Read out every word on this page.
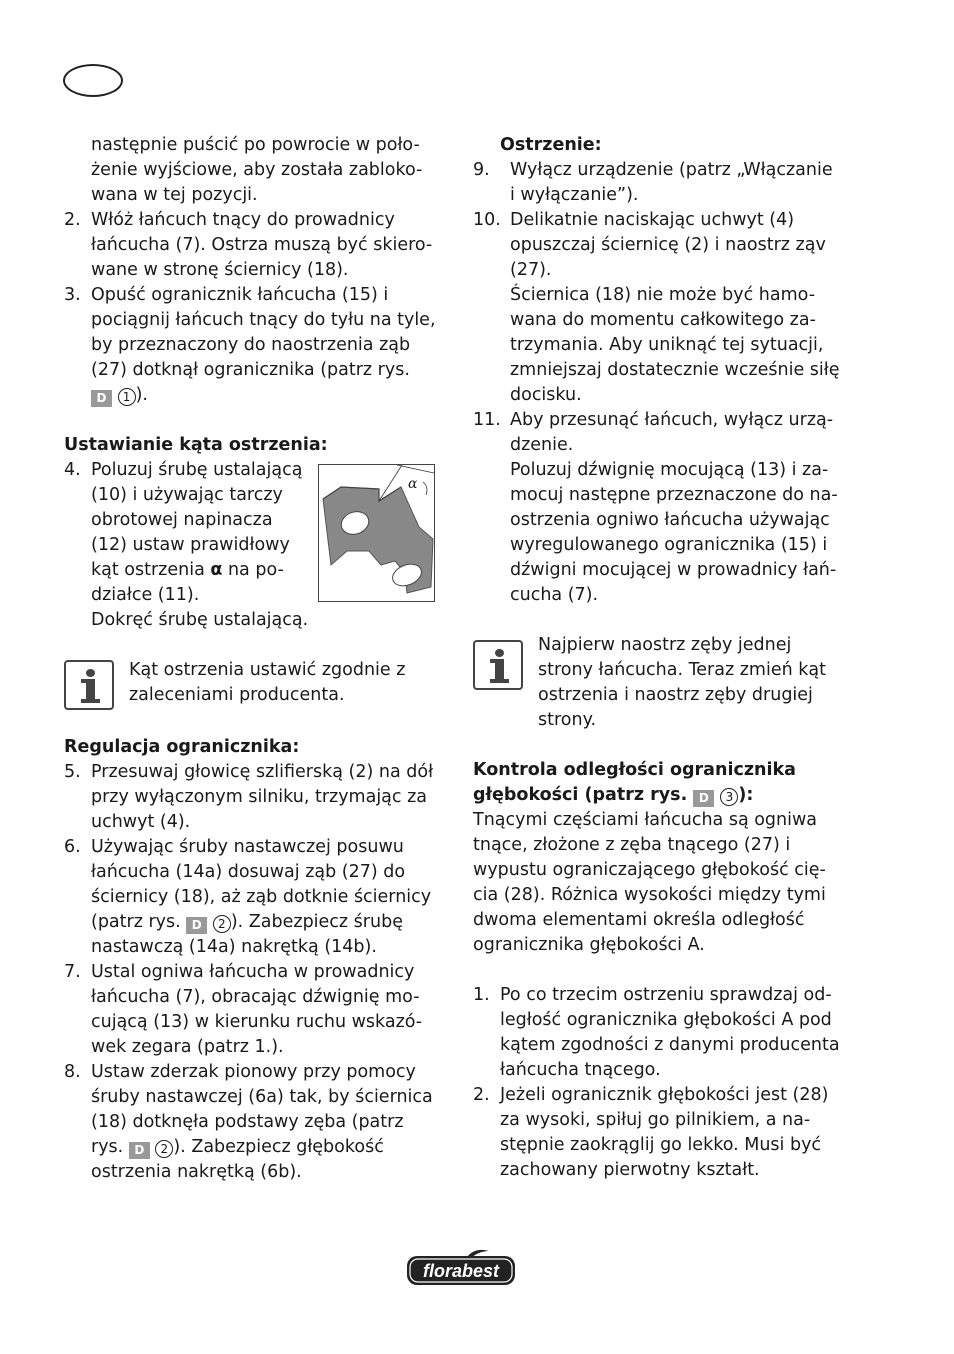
następnie puścić po powrocie w poło-

żenie wyjściowe, aby została zabloko-

wana w tej pozycji.

2. Włóż łańcuch tnący do prowadnicy

łańcucha (7). Ostrza muszą być skiero-

wane w stronę ściernicy (18).

3. Opuść ogranicznik łańcucha (15) i

pociągnij łańcuch tnący do tyłu na tyle,

by przeznaczony do naostrzenia ząb

(27) dotknął ogranicznika (patrz rys.

D 1 ).

Ustawianie kąta ostrzenia:

4. Poluzuj śrubę ustalającą

(10) i używając tarczy

obrotowej napinacza

(12) ustaw prawidłowy

kąt ostrzenia α na po-

działce (11).

Dokręć śrubę ustalającą.

Kąt ostrzenia ustawić zgodnie z

zaleceniami producenta.

Regulacja ogranicznika:

5. Przesuwaj głowicę szlifierską (2) na dół

przy wyłączonym silniku, trzymając za

uchwyt (4).

6. Używając śruby nastawczej posuwu

łańcucha (14a) dosuwaj ząb (27) do

ściernicy (18), aż ząb dotknie ściernicy

(patrz rys. D 2 ). Zabezpiecz śrubę

nastawczą (14a) nakrętką (14b).

7. Ustal ogniwa łańcucha w prowadnicy

łańcucha (7), obracając dźwignię mo-

cującą (13) w kierunku ruchu wskazó-

wek zegara (patrz 1.).

8. Ustaw zderzak pionowy przy pomocy

śruby nastawczej (6a) tak, by ściernica

(18) dotknęła podstawy zęba (patrz

rys. D 2 ). Zabezpiecz głębokość

ostrzenia nakrętką (6b).

α

Ostrzenie:

9. Wyłącz urządzenie (patrz „Włączanie

i wyłączanie”).

10. Delikatnie naciskając uchwyt (4)

opuszczaj ściernicę (2) i naostrz ząv

(27).

Ściernica (18) nie może być hamo-

wana do momentu całkowitego za-

trzymania. Aby uniknąć tej sytuacji,

zmniejszaj dostatecznie wcześnie siłę

docisku.

11. Aby przesunąć łańcuch, wyłącz urzą-

dzenie.

Poluzuj dźwignię mocującą (13) i za-

mocuj następne przeznaczone do na-

ostrzenia ogniwo łańcucha używając

wyregulowanego ogranicznika (15) i

dźwigni mocującej w prowadnicy łań-

cucha (7).

Najpierw naostrz zęby jednej

strony łańcucha. Teraz zmień kąt

ostrzenia i naostrz zęby drugiej

strony.

Kontrola odległości ogranicznika

głębokości (patrz rys. D 3 ):

Tnącymi częściami łańcucha są ogniwa

tnące, złożone z zęba tnącego (27) i

wypustu ograniczającego głębokość cię-

cia (28). Różnica wysokości między tymi

dwoma elementami określa odległość

ogranicznika głębokości A.

1. Po co trzecim ostrzeniu sprawdzaj od-

ległość ogranicznika głębokości A pod

kątem zgodności z danymi producenta

łańcucha tnącego.

2. Jeżeli ogranicznik głębokości jest (28)

za wysoki, spiłuj go pilnikiem, a na-

stępnie zaokrąglij go lekko. Musi być

zachowany pierwotny kształt.

florabest
